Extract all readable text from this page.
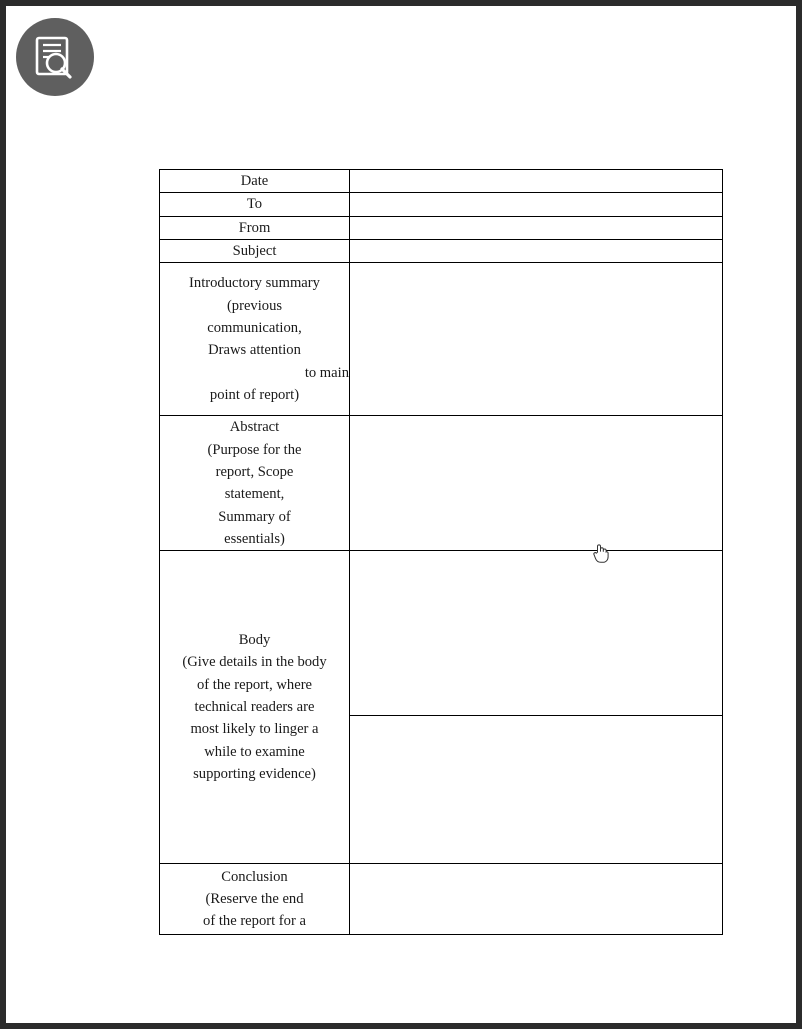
Date	

To	

From	

Subject	

Introductory summary
(previous
communication,
Draws attention
to main
point of report)

Abstract
(Purpose for the
report, Scope
statement,
Summary of
essentials)

Body
(Give details in the body
of the report, where
technical readers are
most likely to linger a
while to examine
supporting evidence)

Conclusion
(Reserve the end
of the report for a	
